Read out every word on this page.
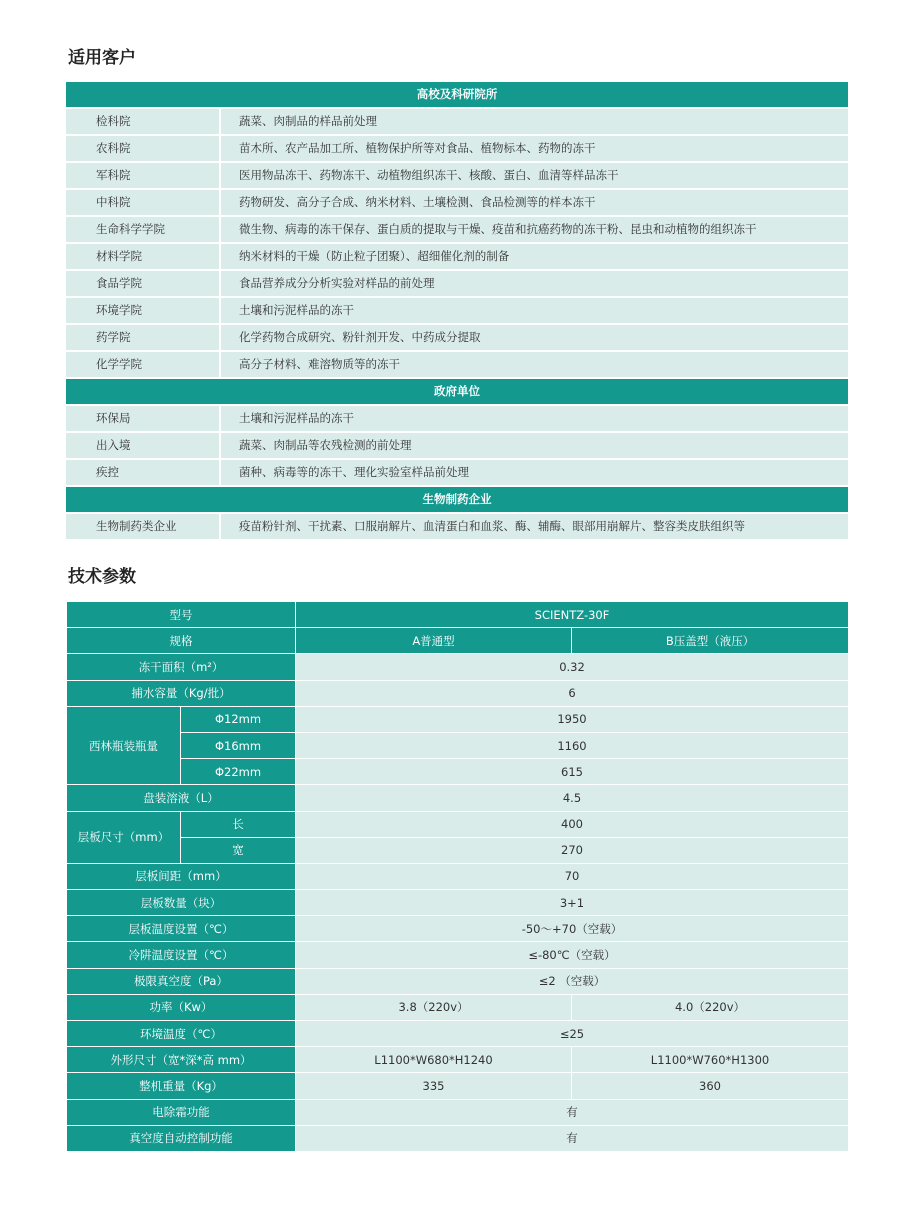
适用客户
高校及科研院所
检科院	蔬菜、肉制品的样品前处理
农科院	苗木所、农产品加工所、植物保护所等对食品、植物标本、药物的冻干
军科院	医用物品冻干、药物冻干、动植物组织冻干、核酸、蛋白、血清等样品冻干
中科院	药物研发、高分子合成、纳米材料、土壤检测、食品检测等的样本冻干
生命科学学院	微生物、病毒的冻干保存、蛋白质的提取与干燥、疫苗和抗癌药物的冻干粉、昆虫和动植物的组织冻干
材料学院	纳米材料的干燥（防止粒子团聚）、超细催化剂的制备
食品学院	食品营养成分分析实验对样品的前处理
环境学院	土壤和污泥样品的冻干
药学院	化学药物合成研究、粉针剂开发、中药成分提取
化学学院	高分子材料、难溶物质等的冻干
政府单位
环保局	土壤和污泥样品的冻干
出入境	蔬菜、肉制品等农残检测的前处理
疾控	菌种、病毒等的冻干、理化实验室样品前处理
生物制药企业
生物制药类企业	疫苗粉针剂、干扰素、口服崩解片、血清蛋白和血浆、酶、辅酶、眼部用崩解片、整容类皮肤组织等
技术参数
型号		SCIENTZ-30F	
规格		A普通型	B压盖型（液压）
冻干面积（m²）		0.32	
捕水容量（Kg/批）		6	
西林瓶装瓶量	Φ12mm	1950	
	Φ16mm	1160	
	Φ22mm	615	
盘装溶液（L）		4.5	
层板尺寸（mm）	长	400	
	宽	270	
层板间距（mm）		70	
层板数量（块）		3+1	
层板温度设置（℃）		-50～+70（空载）	
冷阱温度设置（℃）		≤-80℃（空载）	
极限真空度（Pa）		≤2 （空载）	
功率（Kw）		3.8（220v）	4.0（220v）
环境温度（℃）		≤25	
外形尺寸（宽*深*高 mm）		L1100*W680*H1240	L1100*W760*H1300
整机重量（Kg）		335	360
电除霜功能		有	
真空度自动控制功能		有	
